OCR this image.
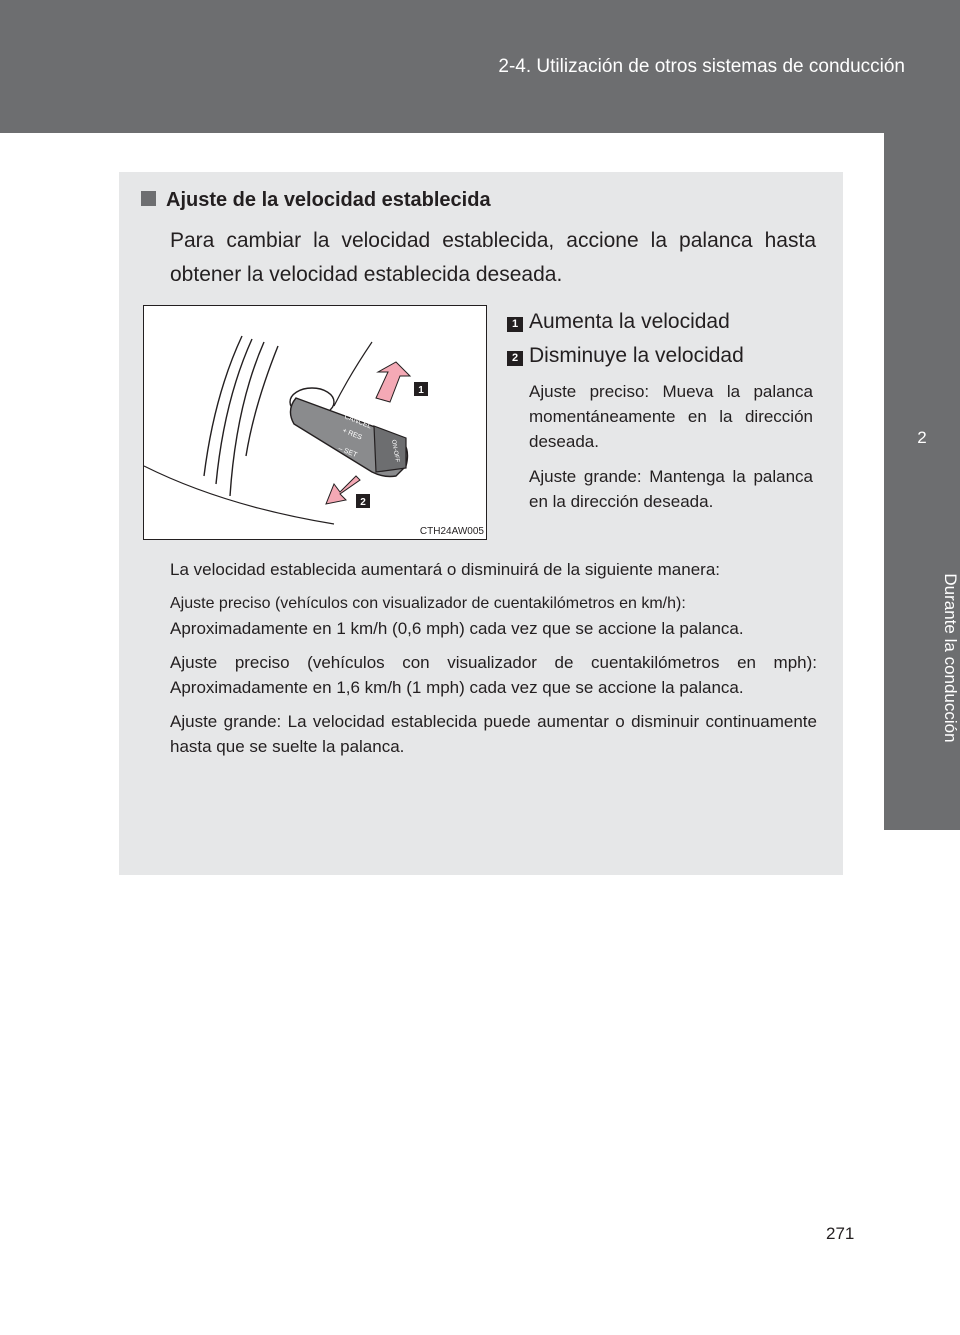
2-4. Utilización de otros sistemas de conducción
2
Durante la conducción
Ajuste de la velocidad establecida
Para cambiar la velocidad establecida, accione la palanca hasta obtener la velocidad establecida deseada.
CANCEL
+ RES
– SET	ON-OFF
1
2
CTH24AW005
1 Aumenta la velocidad
2 Disminuye la velocidad
Ajuste preciso: Mueva la palanca momentáneamente en la dirección deseada.
Ajuste grande: Mantenga la palanca en la dirección deseada.
La velocidad establecida aumentará o disminuirá de la siguiente manera:
Ajuste preciso (vehículos con visualizador de cuentakilómetros en km/h):
Aproximadamente en 1 km/h (0,6 mph) cada vez que se accione la palanca.
Ajuste preciso (vehículos con visualizador de cuentakilómetros en mph): Aproximadamente en 1,6 km/h (1 mph) cada vez que se accione la palanca.
Ajuste grande: La velocidad establecida puede aumentar o disminuir continuamente hasta que se suelte la palanca.
271
